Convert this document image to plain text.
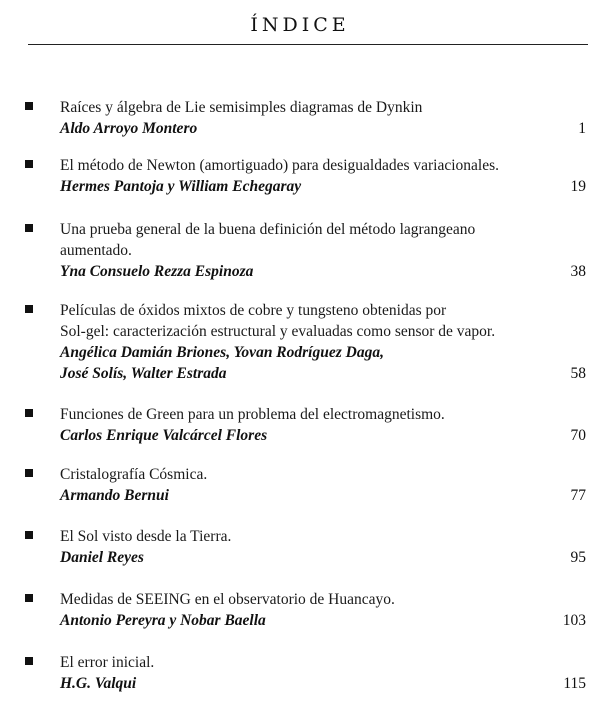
ÍNDICE
Raíces y álgebra de Lie semisimples diagramas de Dynkin
Aldo Arroyo Montero	1
El método de Newton (amortiguado) para desigualdades variacionales.
Hermes Pantoja y William Echegaray	19
Una prueba general de la buena definición del método lagrangeano
aumentado.
Yna Consuelo Rezza Espinoza	38
Películas de óxidos mixtos de cobre y tungsteno obtenidas por
Sol-gel: caracterización estructural y evaluadas como sensor de vapor.
Angélica Damián Briones, Yovan Rodríguez Daga,
José Solís, Walter Estrada	58
Funciones de Green para un problema del electromagnetismo.
Carlos Enrique Valcárcel Flores	70
Cristalografía Cósmica.
Armando Bernui	77
El Sol visto desde la Tierra.
Daniel Reyes	95
Medidas de SEEING en el observatorio de Huancayo.
Antonio Pereyra y Nobar Baella	103
El error inicial.
H.G. Valqui	115
